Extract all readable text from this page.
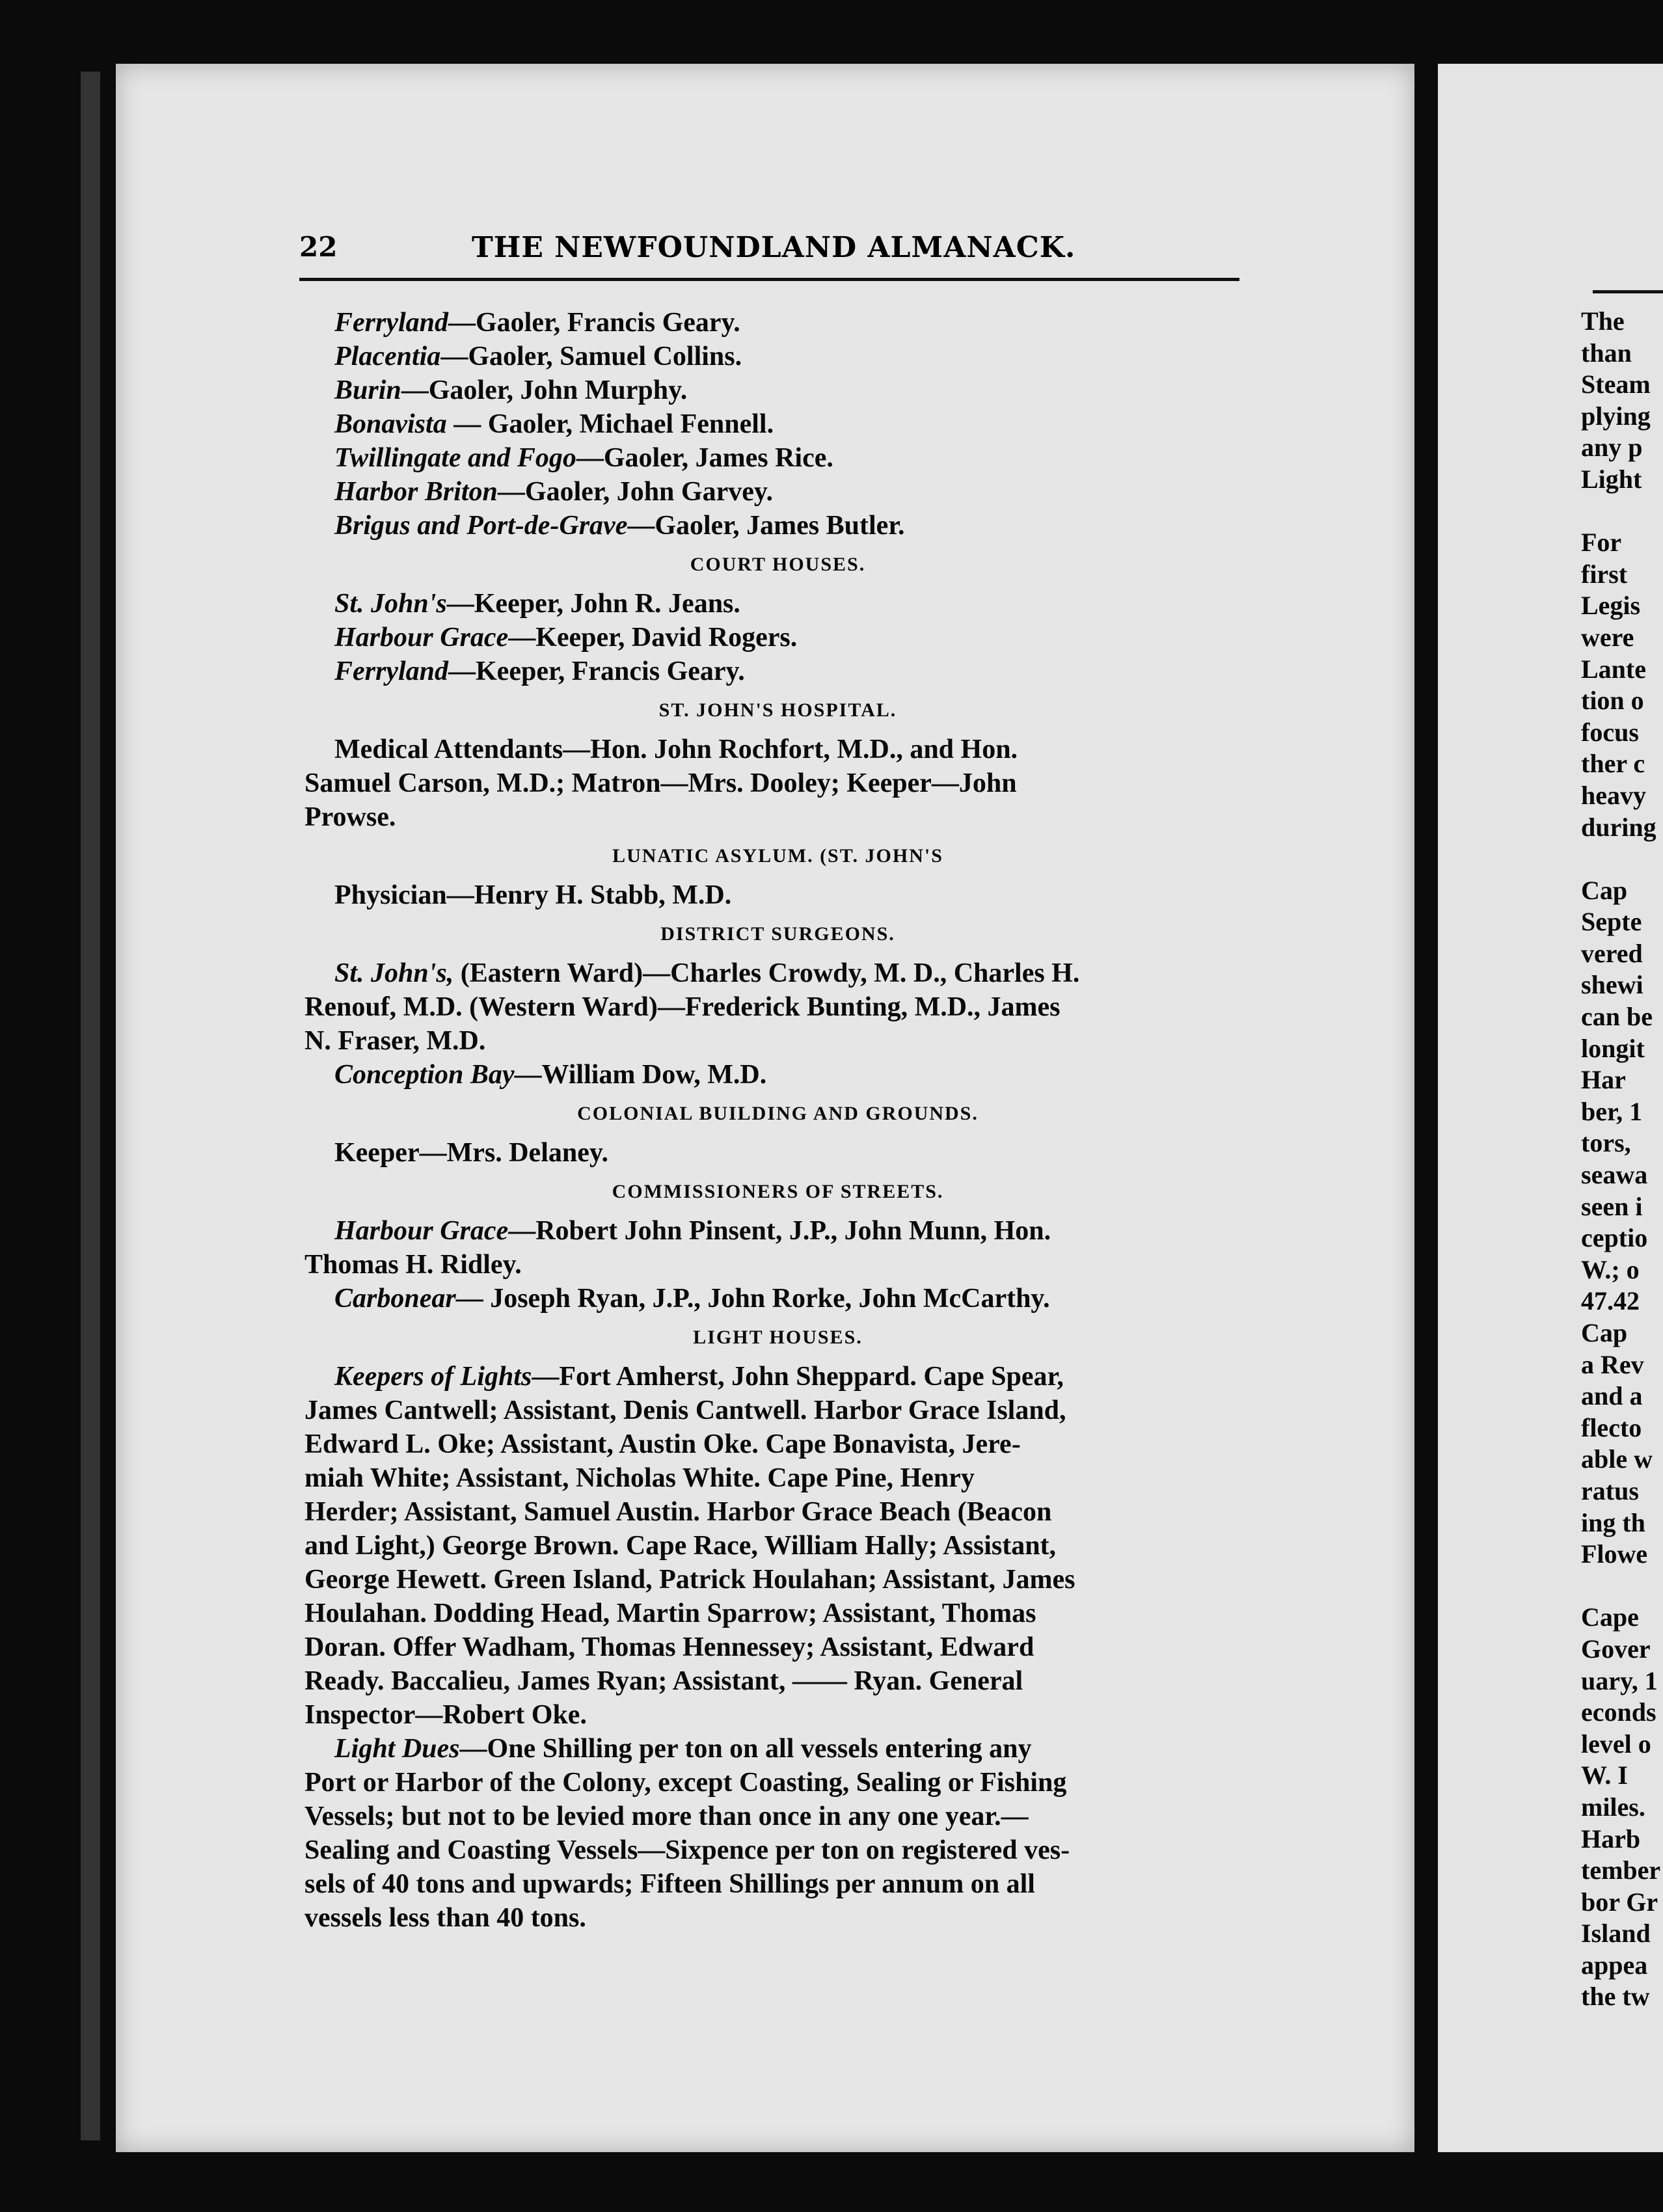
22	THE NEWFOUNDLAND ALMANACK.

Ferryland—Gaoler, Francis Geary.

Placentia—Gaoler, Samuel Collins.

Burin—Gaoler, John Murphy.

Bonavista — Gaoler, Michael Fennell.

Twillingate and Fogo—Gaoler, James Rice.

Harbor Briton—Gaoler, John Garvey.

Brigus and Port-de-Grave—Gaoler, James Butler.

COURT HOUSES.

St. John's—Keeper, John R. Jeans.

Harbour Grace—Keeper, David Rogers.

Ferryland—Keeper, Francis Geary.

ST. JOHN'S HOSPITAL.

Medical Attendants—Hon. John Rochfort, M.D., and Hon.

Samuel Carson, M.D.; Matron—Mrs. Dooley; Keeper—John

Prowse.

LUNATIC ASYLUM. (ST. JOHN'S

Physician—Henry H. Stabb, M.D.

DISTRICT SURGEONS.

St. John's, (Eastern Ward)—Charles Crowdy, M. D., Charles H.

Renouf, M.D. (Western Ward)—Frederick Bunting, M.D., James

N. Fraser, M.D.

Conception Bay—William Dow, M.D.

COLONIAL BUILDING AND GROUNDS.

Keeper—Mrs. Delaney.

COMMISSIONERS OF STREETS.

Harbour Grace—Robert John Pinsent, J.P., John Munn, Hon.

Thomas H. Ridley.

Carbonear— Joseph Ryan, J.P., John Rorke, John McCarthy.

LIGHT HOUSES.

Keepers of Lights—Fort Amherst, John Sheppard. Cape Spear,

James Cantwell; Assistant, Denis Cantwell. Harbor Grace Island,

Edward L. Oke; Assistant, Austin Oke. Cape Bonavista, Jere-

miah White; Assistant, Nicholas White. Cape Pine, Henry

Herder; Assistant, Samuel Austin. Harbor Grace Beach (Beacon

and Light,) George Brown. Cape Race, William Hally; Assistant,

George Hewett. Green Island, Patrick Houlahan; Assistant, James

Houlahan. Dodding Head, Martin Sparrow; Assistant, Thomas

Doran. Offer Wadham, Thomas Hennessey; Assistant, Edward

Ready. Baccalieu, James Ryan; Assistant, —— Ryan. General

Inspector—Robert Oke.

Light Dues—One Shilling per ton on all vessels entering any

Port or Harbor of the Colony, except Coasting, Sealing or Fishing

Vessels; but not to be levied more than once in any one year.—

Sealing and Coasting Vessels—Sixpence per ton on registered ves-

sels of 40 tons and upwards; Fifteen Shillings per annum on all

vessels less than 40 tons.

The

than

Steam

plying

any p

Light

For

first

Legis

were

Lante

tion o

focus

ther c

heavy

during

Cap

Septe

vered

shewi

can be

longit

Har

ber, 1

tors,

seawa

seen i

ceptio

W.; o

47.42

Cap

a Rev

and a

flecto

able w

ratus

ing th

Flowe

Cape

Gover

uary, 1

econds

level o

W. I

miles.

Harb

tember

bor Gr

Island

appea

the tw
